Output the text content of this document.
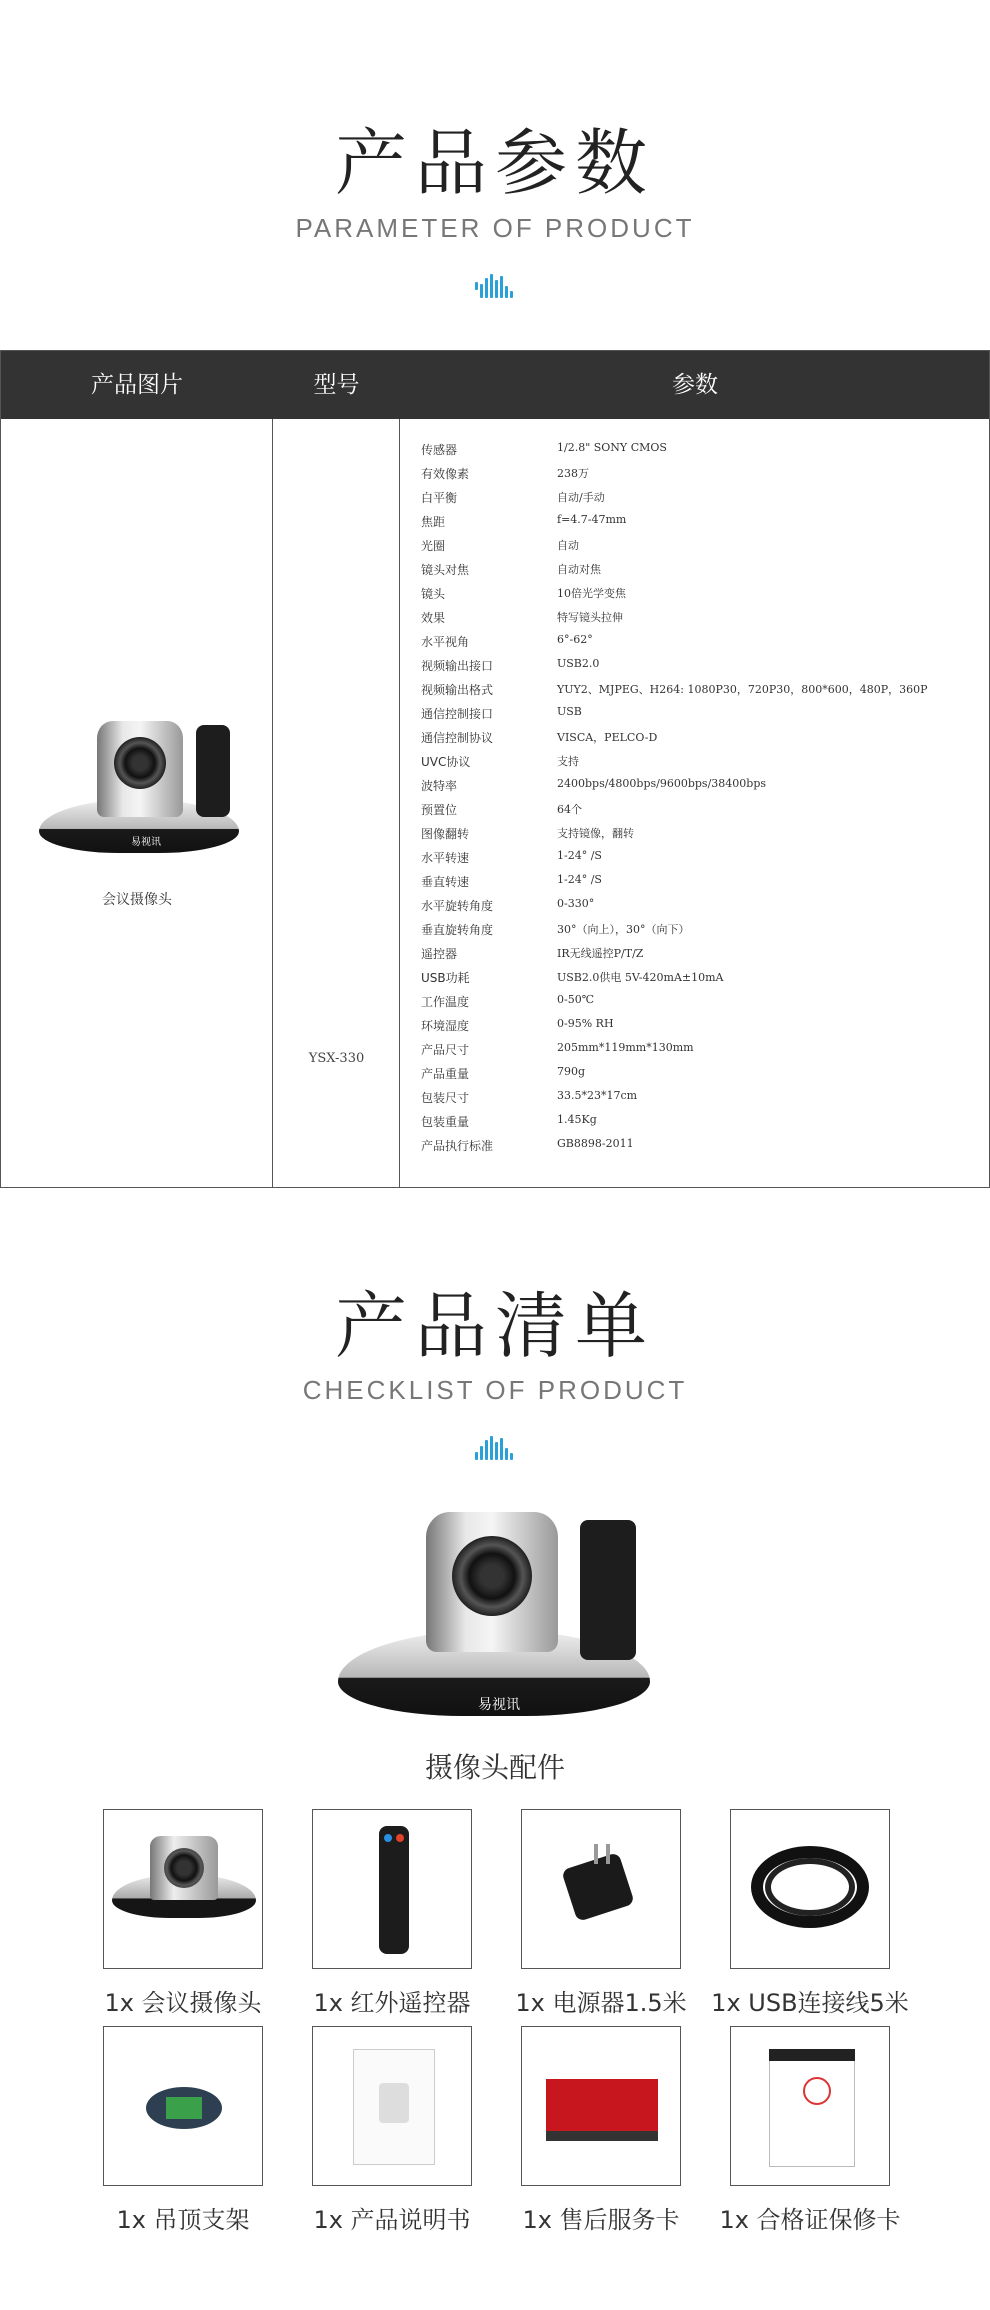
产品参数
PARAMETER OF PRODUCT
产品图片	型号	参数
易视讯
会议摄像头
YSX-330
传感器	1/2.8" SONY CMOS
有效像素	238万
白平衡	自动/手动
焦距	f=4.7-47mm
光圈	自动
镜头对焦	自动对焦
镜头	10倍光学变焦
效果	特写镜头拉伸
水平视角	6°-62°
视频输出接口	USB2.0
视频输出格式	YUY2、MJPEG、H264: 1080P30，720P30，800*600，480P，360P
通信控制接口	USB
通信控制协议	VISCA，PELCO-D
UVC协议	支持
波特率	2400bps/4800bps/9600bps/38400bps
预置位	64个
图像翻转	支持镜像，翻转
水平转速	1-24° /S
垂直转速	1-24° /S
水平旋转角度	0-330°
垂直旋转角度	30°（向上），30°（向下）
遥控器	IR无线遥控P/T/Z
USB功耗	USB2.0供电 5V-420mA±10mA
工作温度	0-50℃
环境湿度	0-95% RH
产品尺寸	205mm*119mm*130mm
产品重量	790g
包装尺寸	33.5*23*17cm
包装重量	1.45Kg
产品执行标准	GB8898-2011
产品清单
CHECKLIST OF PRODUCT
易视讯
摄像头配件
1x 会议摄像头	1x 红外遥控器	1x 电源器1.5米	1x USB连接线5米
1x 吊顶支架	1x 产品说明书	1x 售后服务卡	1x 合格证保修卡
